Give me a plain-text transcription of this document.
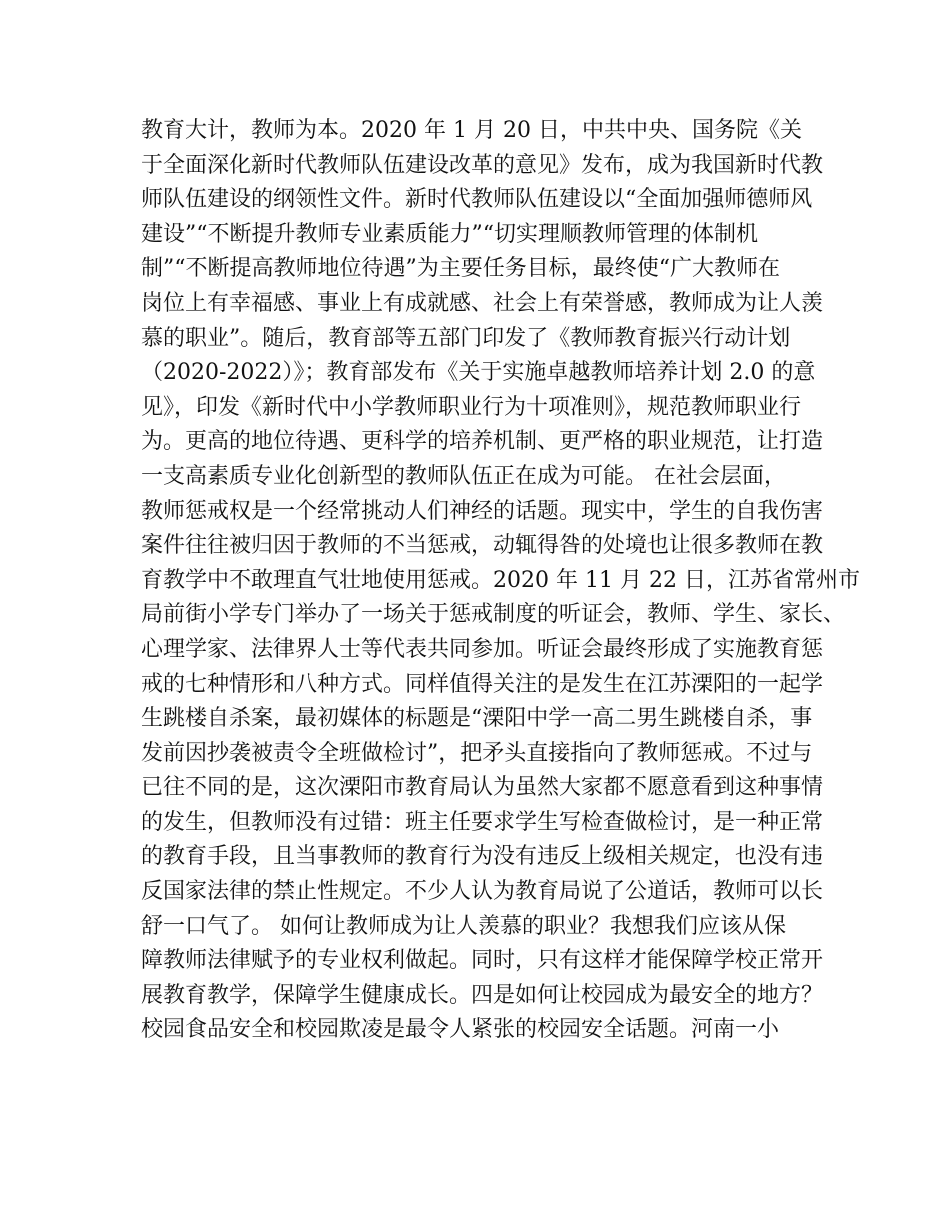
教育大计，教师为本。2020 年 1 月 20 日，中共中央、国务院《关
于全面深化新时代教师队伍建设改革的意见》发布，成为我国新时代教
师队伍建设的纲领性文件。新时代教师队伍建设以“全面加强师德师风
建设”“不断提升教师专业素质能力”“切实理顺教师管理的体制机
制”“不断提高教师地位待遇”为主要任务目标，最终使“广大教师在
岗位上有幸福感、事业上有成就感、社会上有荣誉感，教师成为让人羡
慕的职业”。随后，教育部等五部门印发了《教师教育振兴行动计划
（2020-2022）》；教育部发布《关于实施卓越教师培养计划 2.0 的意
见》，印发《新时代中小学教师职业行为十项准则》，规范教师职业行
为。更高的地位待遇、更科学的培养机制、更严格的职业规范，让打造
一支高素质专业化创新型的教师队伍正在成为可能。 在社会层面，
教师惩戒权是一个经常挑动人们神经的话题。现实中，学生的自我伤害
案件往往被归因于教师的不当惩戒，动辄得咎的处境也让很多教师在教
育教学中不敢理直气壮地使用惩戒。2020 年 11 月 22 日，江苏省常州市
局前街小学专门举办了一场关于惩戒制度的听证会，教师、学生、家长、
心理学家、法律界人士等代表共同参加。听证会最终形成了实施教育惩
戒的七种情形和八种方式。同样值得关注的是发生在江苏溧阳的一起学
生跳楼自杀案，最初媒体的标题是“溧阳中学一高二男生跳楼自杀，事
发前因抄袭被责令全班做检讨”，把矛头直接指向了教师惩戒。不过与
已往不同的是，这次溧阳市教育局认为虽然大家都不愿意看到这种事情
的发生，但教师没有过错：班主任要求学生写检查做检讨，是一种正常
的教育手段，且当事教师的教育行为没有违反上级相关规定，也没有违
反国家法律的禁止性规定。不少人认为教育局说了公道话，教师可以长
舒一口气了。 如何让教师成为让人羡慕的职业？我想我们应该从保
障教师法律赋予的专业权利做起。同时，只有这样才能保障学校正常开
展教育教学，保障学生健康成长。四是如何让校园成为最安全的地方？
校园食品安全和校园欺凌是最令人紧张的校园安全话题。河南一小
